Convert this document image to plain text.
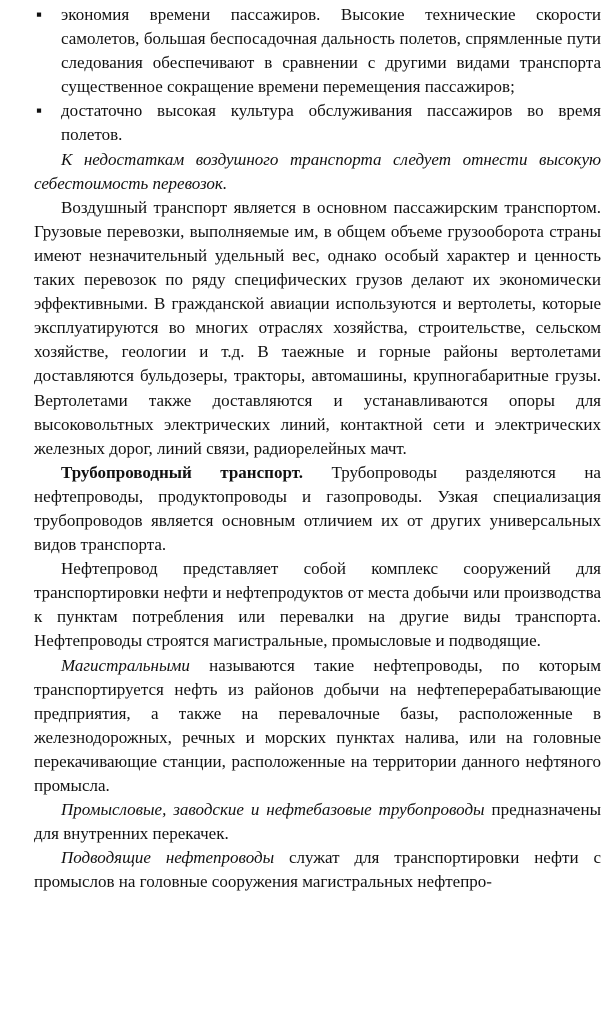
▪ экономия времени пассажиров. Высокие технические скорости самолетов, большая беспосадочная дальность полетов, спрямленные пути следования обеспечивают в сравнении с другими видами транспорта существенное сокращение времени перемещения пассажиров;
▪ достаточно высокая культура обслуживания пассажиров во время полетов.

К недостаткам воздушного транспорта следует отнести высокую себестоимость перевозок.

Воздушный транспорт является в основном пассажирским транспортом. Грузовые перевозки, выполняемые им, в общем объеме грузооборота страны имеют незначительный удельный вес, однако особый характер и ценность таких перевозок по ряду специфических грузов делают их экономически эффективными. В гражданской авиации используются и вертолеты, которые эксплуатируются во многих отраслях хозяйства, строительстве, сельском хозяйстве, геологии и т.д. В таежные и горные районы вертолетами доставляются бульдозеры, тракторы, автомашины, крупногабаритные грузы. Вертолетами также доставляются и устанавливаются опоры для высоковольтных электрических линий, контактной сети и электрических железных дорог, линий связи, радиорелейных мачт.

Трубопроводный транспорт. Трубопроводы разделяются на нефтепроводы, продуктопроводы и газопроводы. Узкая специализация трубопроводов является основным отличием их от других универсальных видов транспорта.

Нефтепровод представляет собой комплекс сооружений для транспортировки нефти и нефтепродуктов от места добычи или производства к пунктам потребления или перевалки на другие виды транспорта. Нефтепроводы строятся магистральные, промысловые и подводящие.

Магистральными называются такие нефтепроводы, по которым транспортируется нефть из районов добычи на нефтеперерабатывающие предприятия, а также на перевалочные базы, расположенные в железнодорожных, речных и морских пунктах налива, или на головные перекачивающие станции, расположенные на территории данного нефтяного промысла.

Промысловые, заводские и нефтебазовые трубопроводы предназначены для внутренних перекачек.

Подводящие нефтепроводы служат для транспортировки нефти с промыслов на головные сооружения магистральных нефтепро-
